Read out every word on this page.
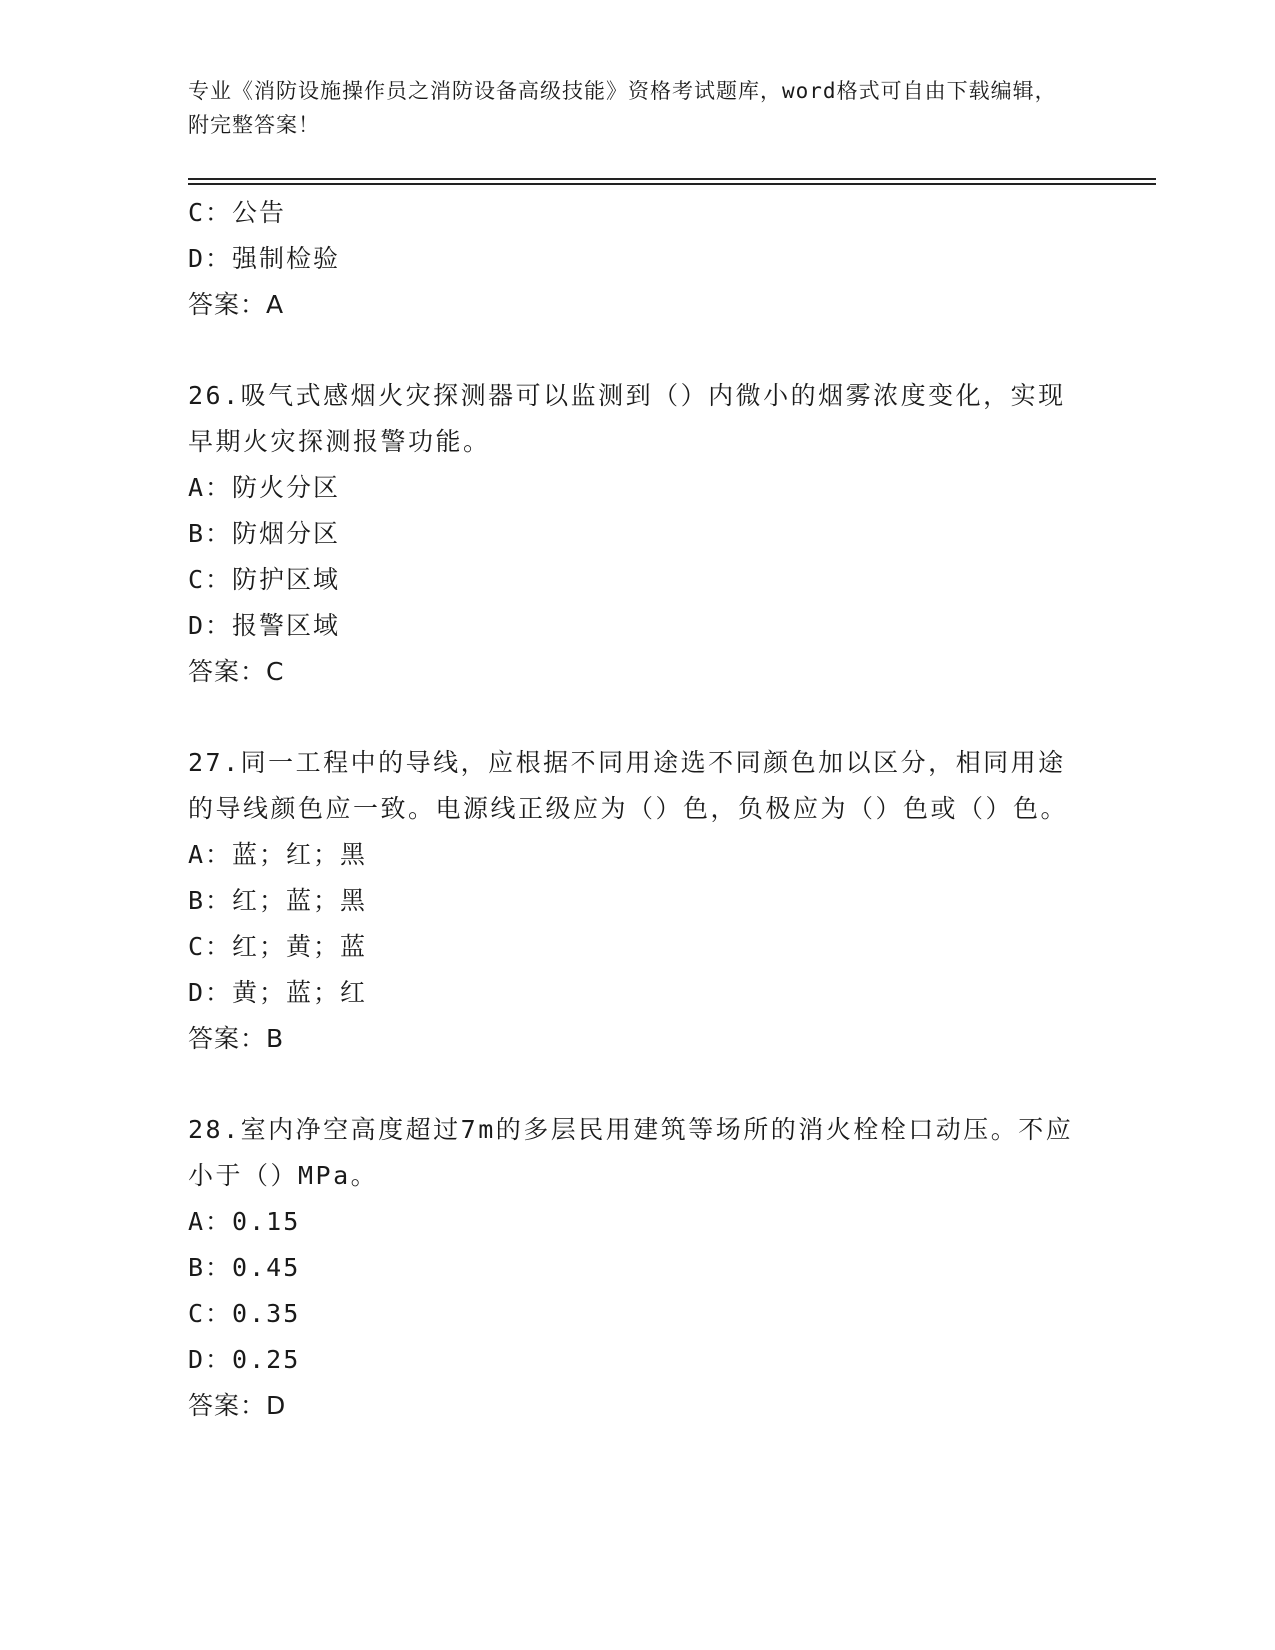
专业《消防设施操作员之消防设备高级技能》资格考试题库，word格式可自由下载编辑，附完整答案！
C：公告
D：强制检验
答案：A
26.吸气式感烟火灾探测器可以监测到（）内微小的烟雾浓度变化，实现早期火灾探测报警功能。
A：防火分区
B：防烟分区
C：防护区域
D：报警区域
答案：C
27.同一工程中的导线，应根据不同用途选不同颜色加以区分，相同用途的导线颜色应一致。电源线正级应为（）色，负极应为（）色或（）色。
A：蓝；红；黑
B：红；蓝；黑
C：红；黄；蓝
D：黄；蓝；红
答案：B
28.室内净空高度超过7m的多层民用建筑等场所的消火栓栓口动压。不应小于（）MPa。
A：0.15
B：0.45
C：0.35
D：0.25
答案：D
